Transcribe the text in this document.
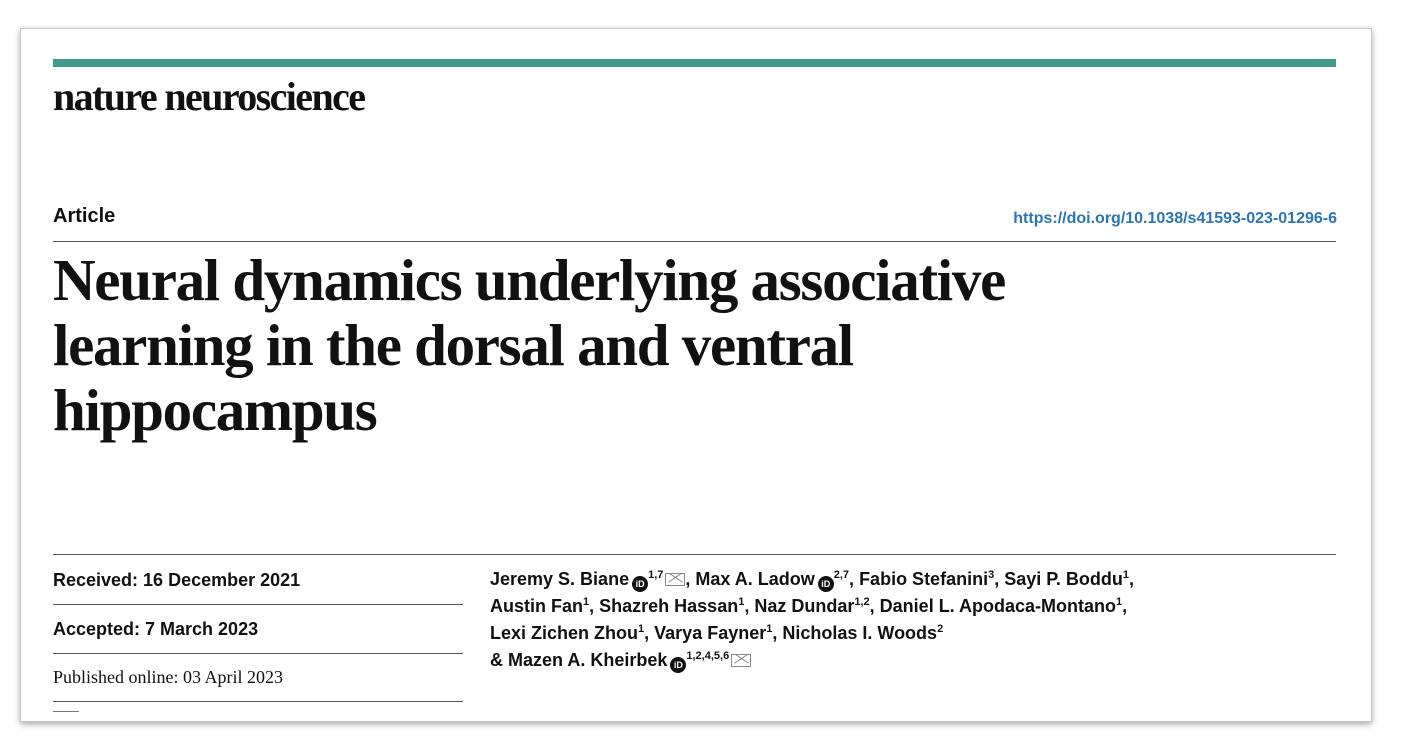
nature neuroscience
Article	https://doi.org/10.1038/s41593-023-01296-6
Neural dynamics underlying associative
learning in the dorsal and ventral
hippocampus
Received: 16 December 2021
Accepted: 7 March 2023
Published online: 03 April 2023
Jeremy S. Biane iD$^{1,7}$ , Max A. Ladow iD$^{2,7}$, Fabio Stefanini$^3$, Sayi P. Boddu$^1$,
Austin Fan$^1$, Shazreh Hassan$^1$, Naz Dundar$^{1,2}$, Daniel L. Apodaca-Montano$^1$,
Lexi Zichen Zhou$^1$, Varya Fayner$^1$, Nicholas I. Woods$^2$
& Mazen A. Kheirbek iD$^{1,2,4,5,6}$
